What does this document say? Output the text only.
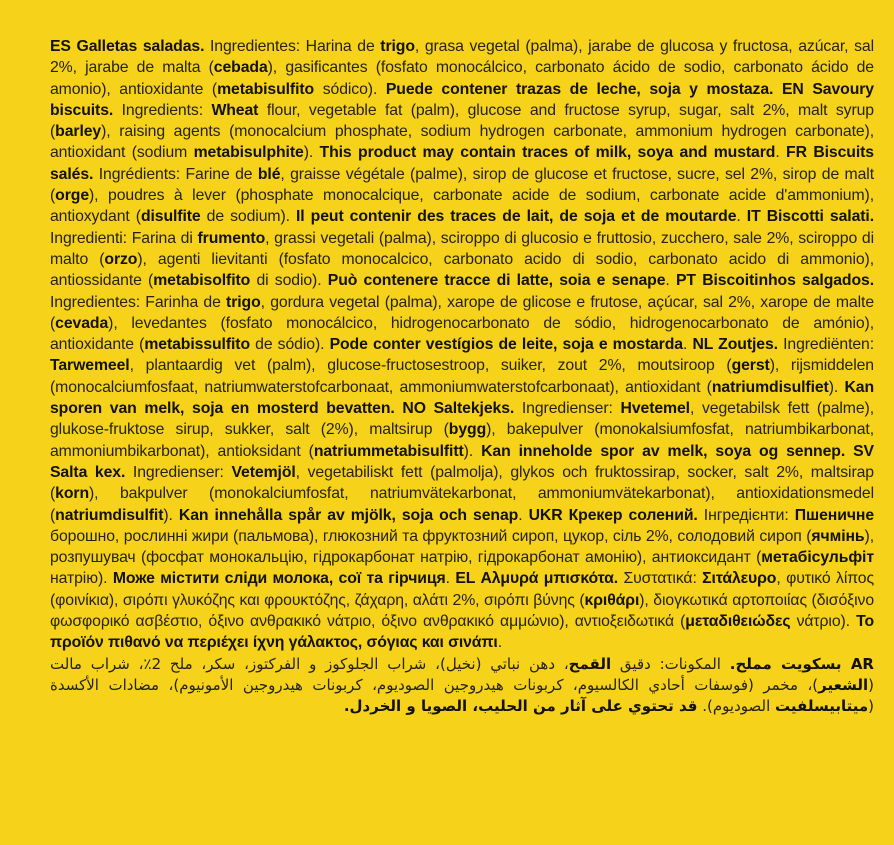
ES Galletas saladas. Ingredientes: Harina de trigo, grasa vegetal (palma), jarabe de glucosa y fructosa, azúcar, sal 2%, jarabe de malta (cebada), gasificantes (fosfato monocálcico, carbonato ácido de sodio, carbonato ácido de amonio), antioxidante (metabisulfito sódico). Puede contener trazas de leche, soja y mostaza. EN Savoury biscuits. Ingredients: Wheat flour, vegetable fat (palm), glucose and fructose syrup, sugar, salt 2%, malt syrup (barley), raising agents (monocalcium phosphate, sodium hydrogen carbonate, ammonium hydrogen carbonate), antioxidant (sodium metabisulphite). This product may contain traces of milk, soya and mustard. FR Biscuits salés. Ingrédients: Farine de blé, graisse végétale (palme), sirop de glucose et fructose, sucre, sel 2%, sirop de malt (orge), poudres à lever (phosphate monocalcique, carbonate acide de sodium, carbonate acide d'ammonium), antioxydant (disulfite de sodium). Il peut contenir des traces de lait, de soja et de moutarde. IT Biscotti salati. Ingredienti: Farina di frumento, grassi vegetali (palma), sciroppo di glucosio e fruttosio, zucchero, sale 2%, sciroppo di malto (orzo), agenti lievitanti (fosfato monocalcico, carbonato acido di sodio, carbonato acido di ammonio), antiossidante (metabisolfito di sodio). Può contenere tracce di latte, soia e senape. PT Biscoitinhos salgados. Ingredientes: Farinha de trigo, gordura vegetal (palma), xarope de glicose e frutose, açúcar, sal 2%, xarope de malte (cevada), levedantes (fosfato monocálcico, hidrogenocarbonato de sódio, hidrogenocarbonato de amónio), antioxidante (metabissulfito de sódio). Pode conter vestígios de leite, soja e mostarda. NL Zoutjes. Ingrediënten: Tarwemeel, plantaardig vet (palm), glucose-fructosestroop, suiker, zout 2%, moutsiroop (gerst), rijsmiddelen (monocalciumfosfaat, natriumwaterstofcarbonaat, ammoniumwaterstofcarbonaat), antioxidant (natriumdisulfiet). Kan sporen van melk, soja en mosterd bevatten. NO Saltekjeks. Ingredienser: Hvetemel, vegetabilsk fett (palme), glukose-fruktose sirup, sukker, salt (2%), maltsirup (bygg), bakepulver (monokalsiumfosfat, natriumbikarbonat, ammoniumbikarbonat), antioksidant (natriummetabisulfitt). Kan inneholde spor av melk, soya og sennep. SV Salta kex. Ingredienser: Vetemjöl, vegetabiliskt fett (palmolja), glykos och fruktossirap, socker, salt 2%, maltsirap (korn), bakpulver (monokalciumfosfat, natriumvätekarbonat, ammoniumvätekarbonat), antioxidationsmedel (natriumdisulfit). Kan innehålla spår av mjölk, soja och senap. UKR Крекер солений. Інгредієнти: Пшеничне борошно, рослинні жири (пальмова), глюкозний та фруктозний сироп, цукор, сіль 2%, солодовий сироп (ячмінь), розпушувач (фосфат монокальцію, гідрокарбонат натрію, гідрокарбонат амонію), антиоксидант (метабісульфіт натрію). Може містити сліди молока, сої та гірчиця. EL Αλμυρά μπισκότα. Συστατικά: Σιτάλευρο, φυτικό λίπος (φοινίκια), σιρόπι γλυκόζης και φρουκτόζης, ζάχαρη, αλάτι 2%, σιρόπι βύνης (κριθάρι), διογκωτικά αρτοποιίας (δισόξινο φωσφορικό ασβέστιο, όξινο ανθρακικό νάτριο, όξινο ανθρακικό αμμώνιο), αντιοξειδωτικά (μεταδιθειώδες νάτριο). Το προϊόν πιθανό να περιέχει ίχνη γάλακτος, σόγιας και σινάπι.
AR بسكويت مملح. المكونات: دقيق القمح، دهن نباتي (نخيل)، شراب الجلوكوز و الفركتوز، سكر، ملح 2٪، شراب مالت (الشعير)، مخمر (فوسفات أحادي الكالسيوم، كربونات هيدروجين الصوديوم، كربونات هيدروجين الأمونيوم)، مضادات الأكسدة (ميتابيسلفيت الصوديوم). قد تحتوي على آثار من الحليب، الصويا و الخردل.
